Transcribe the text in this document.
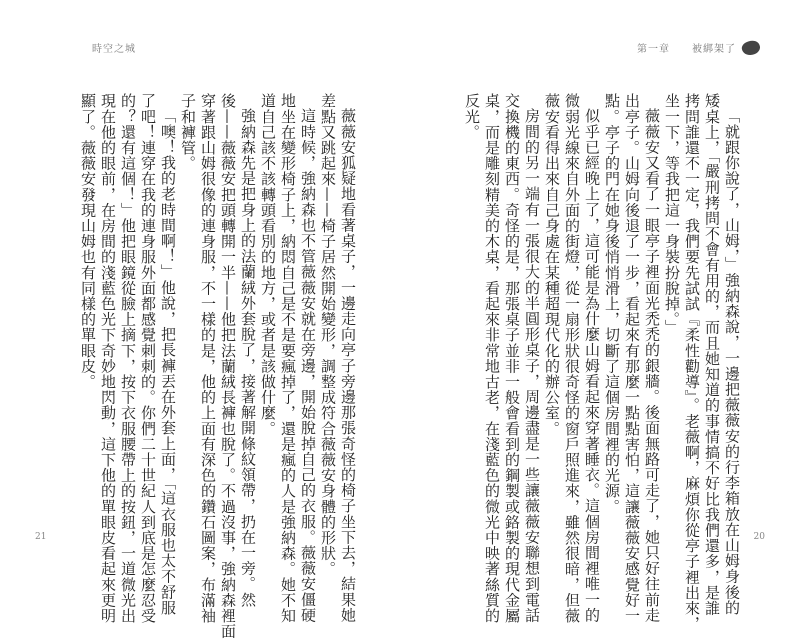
時空之城	第一章 被綁架了
「就跟你說了，山姆，」強納森說，一邊把薇薇安的行李箱放在山姆身後的
矮桌上，「嚴刑拷問不會有用的，而且她知道的事情搞不好比我們還多，是誰
拷問誰還不一定，我們要先試試『柔性勸導』。老薇啊，麻煩你從亭子裡出來，
坐一下，等我把這一身裝扮脫掉。」
薇薇安又看了一眼亭子裡面光禿禿的銀牆。後面無路可走了，她只好往前走
出亭子。山姆向後退了一步，看起來有那麼一點點害怕，這讓薇薇安感覺好一
點。亭子的門在她身後悄悄滑上，切斷了這個房間裡的光源。
似乎已經晚上了，這可能是為什麼山姆看起來穿著睡衣。這個房間裡唯一的
微弱光線來自外面的街燈，從一扇形狀很奇怪的窗戶照進來，雖然很暗，但薇
薇安看得出來自己身處在某種超現代化的辦公室。
房間的另一端有一張很大的半圓形桌子，周邊盡是一些讓薇薇安聯想到電話
交換機的東西。奇怪的是，那張桌子並非一般會看到的鋼製或鉻製的現代金屬
桌，而是雕刻精美的木桌，看起來非常地古老，在淺藍色的微光中映著絲質的
反光。
薇薇安狐疑地看著桌子，一邊走向亭子旁邊那張奇怪的椅子坐下去，結果她
差點又跳起來——椅子居然開始變形，調整成符合薇薇安身體的形狀。
這時候，強納森也不管薇薇安就在旁邊，開始脫掉自己的衣服。薇薇安僵硬
地坐在變形椅子上，納悶自己是不是要瘋掉了，還是瘋的人是強納森。她不知
道自己該不該轉頭看別的地方，或者是該做什麼。
強納森先是把身上的法蘭絨外套脫了，接著解開條紋領帶，扔在一旁。然
後——薇薇安把頭轉開一半——他把法蘭絨長褲也脫了。不過沒事，強納森裡面
穿著跟山姆很像的連身服，不一樣的是，他的上面有深色的鑽石圖案，布滿袖
子和褲管。
「噢！我的老時間啊！」他說，把長褲丟在外套上面，「這衣服也太不舒服
了吧！連穿在我的連身服外面都感覺刺刺的。你們二十世紀人到底是怎麼忍受
的？還有這個！」他把眼鏡從臉上摘下，按下衣服腰帶上的按鈕，一道微光出
現在他的眼前，在房間的淺藍色光下奇妙地閃動，這下他的單眼皮看起來更明
顯了。薇薇安發現山姆也有同樣的單眼皮。
21	20
